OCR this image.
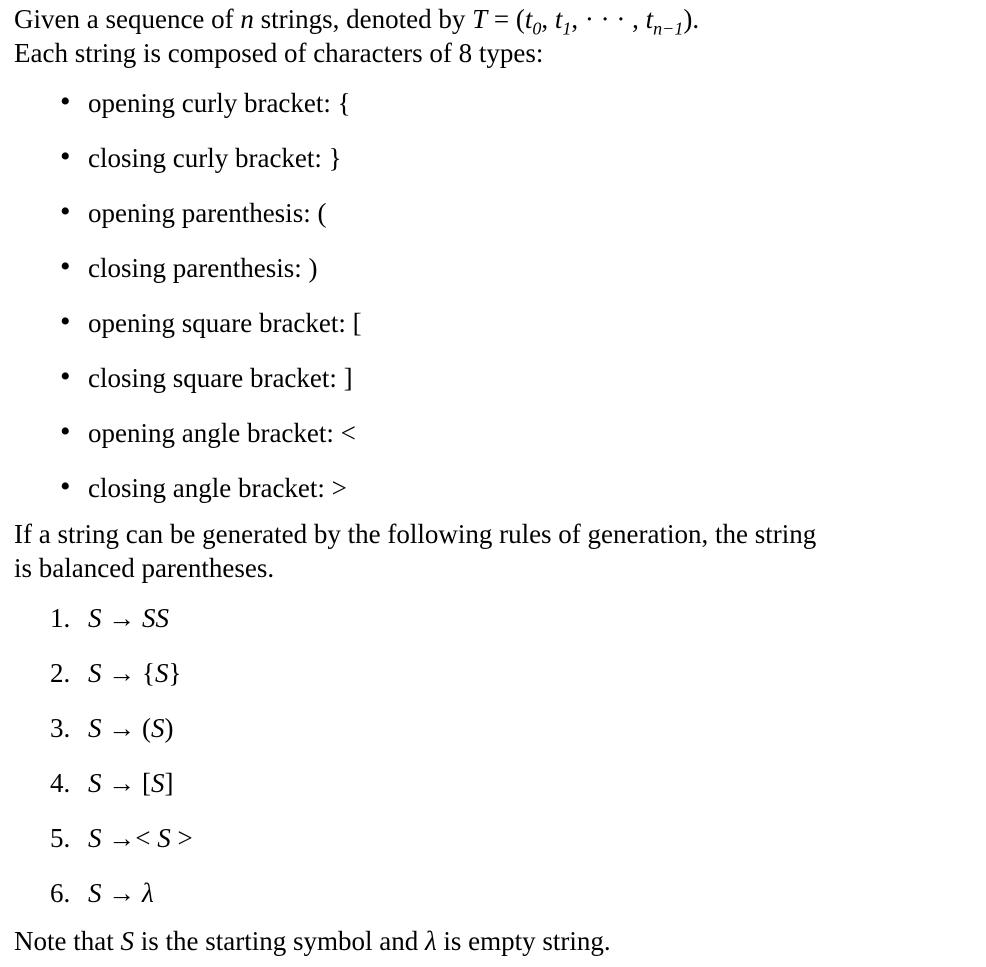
Given a sequence of n strings, denoted by $T = (t_0$, $t_1$, · · · , $t_{n-1}$).
Each string is composed of characters of 8 types:
• opening curly bracket: {
• closing curly bracket: }
• opening parenthesis: (
• closing parenthesis: )
• opening square bracket: [
• closing square bracket: ]
• opening angle bracket: <
• closing angle bracket: >
If a string can be generated by the following rules of generation, the string
is balanced parentheses.
1. S → SS
2. S → {S}
3. S → (S)
4. S → [S]
5. S →< S >
6. S → λ
Note that S is the starting symbol and λ is empty string.
